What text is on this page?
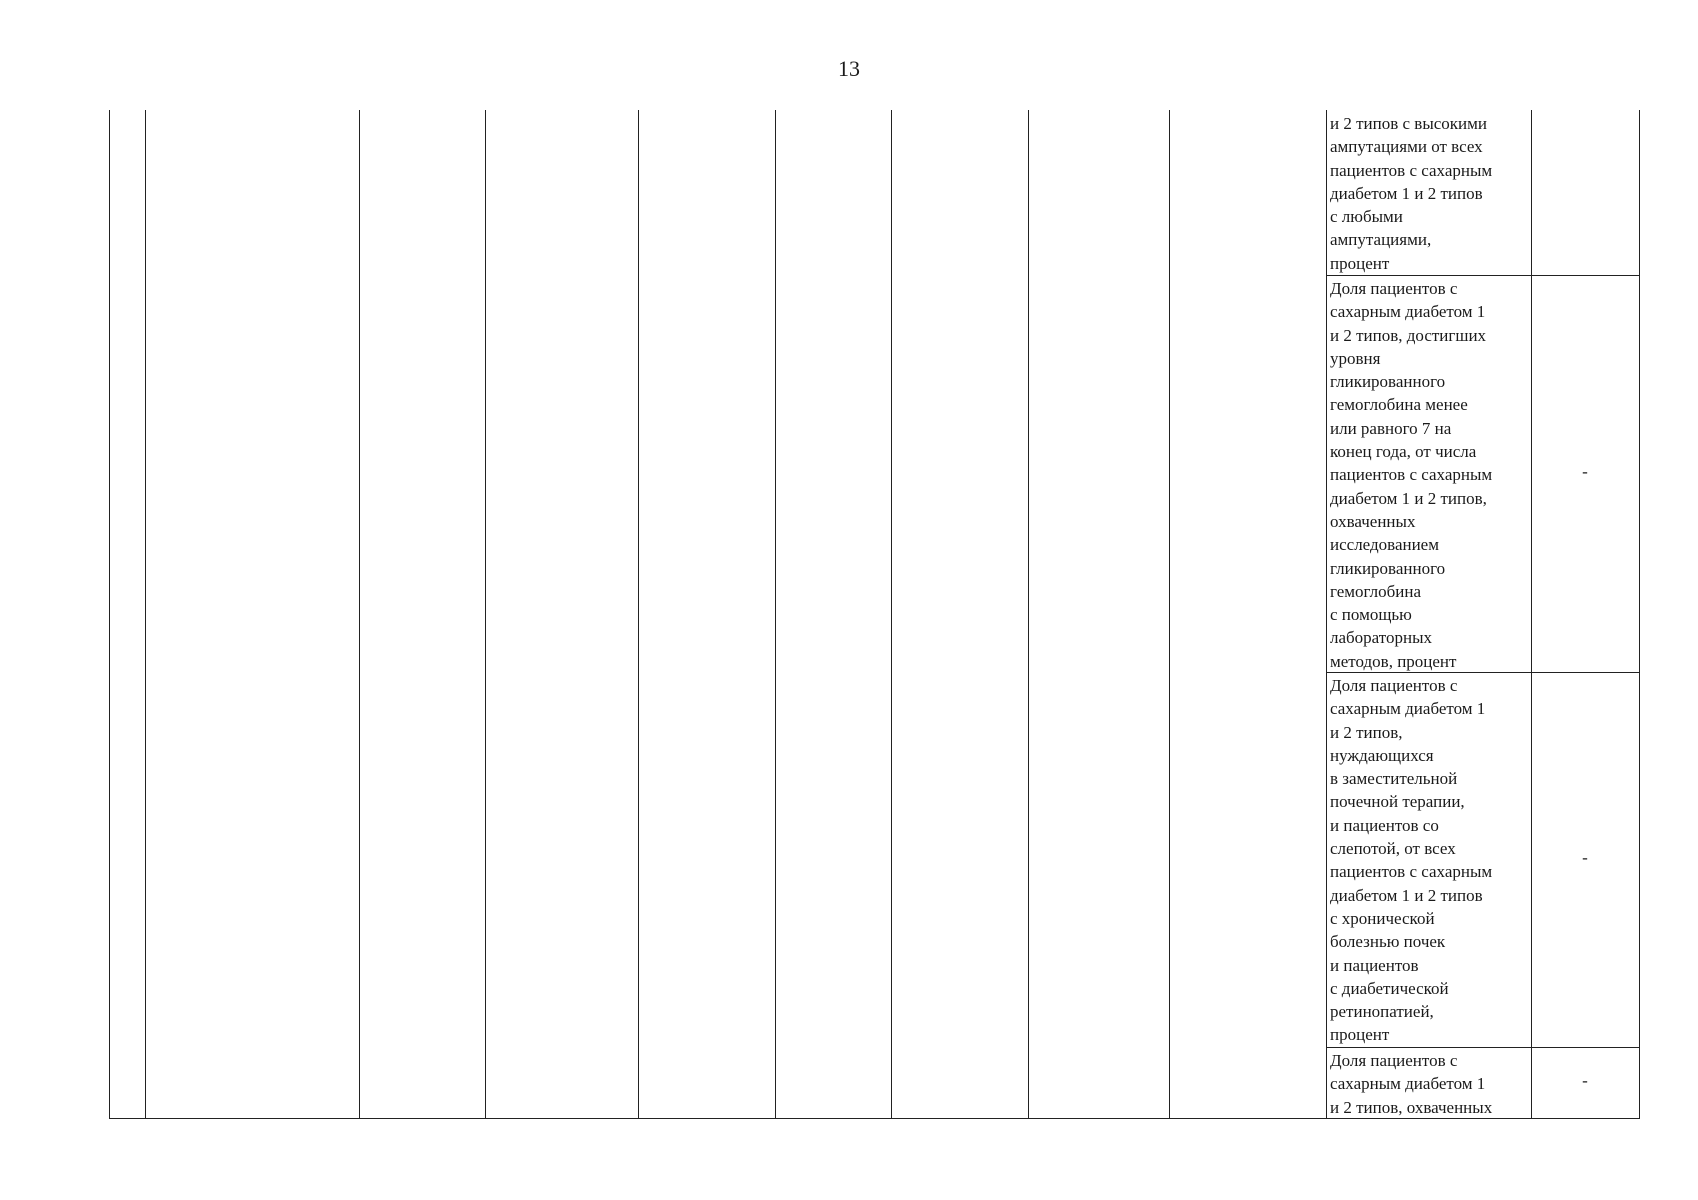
13
и 2 типов с высокими
ампутациями от всех
пациентов с сахарным
диабетом 1 и 2 типов
с любыми
ампутациями,
процент
Доля пациентов с
сахарным диабетом 1
и 2 типов, достигших
уровня
гликированного
гемоглобина менее
или равного 7 на
конец года, от числа
пациентов с сахарным
диабетом 1 и 2 типов,
охваченных
исследованием
гликированного
гемоглобина
с помощью
лабораторных
методов, процент
-
Доля пациентов с
сахарным диабетом 1
и 2 типов,
нуждающихся
в заместительной
почечной терапии,
и пациентов со
слепотой, от всех
пациентов с сахарным
диабетом 1 и 2 типов
с хронической
болезнью почек
и пациентов
с диабетической
ретинопатией,
процент
-
Доля пациентов с
сахарным диабетом 1
и 2 типов, охваченных
-
